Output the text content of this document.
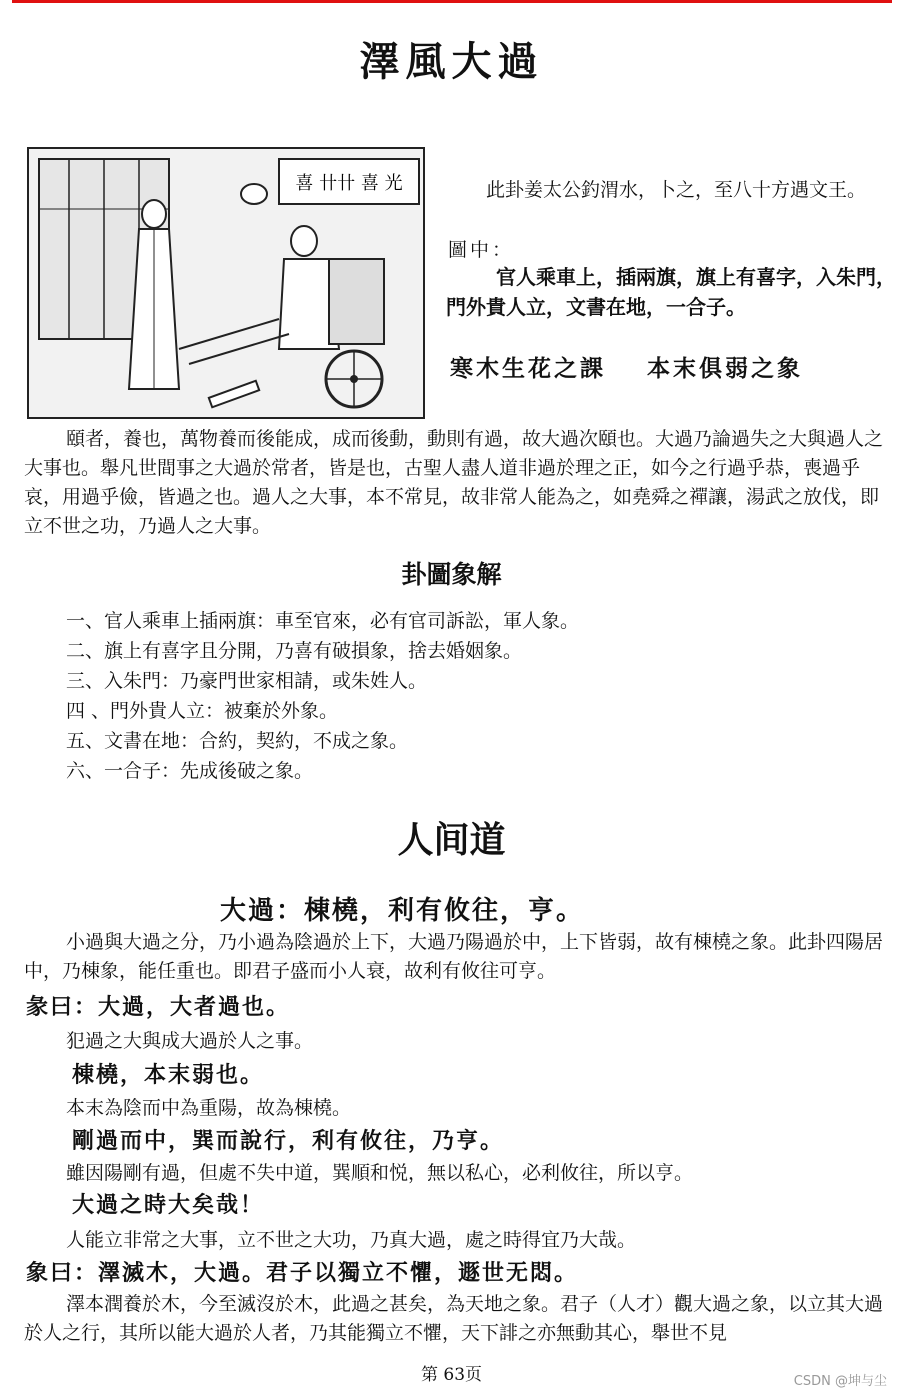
澤風大過
喜 卄卄 喜 光	此卦姜太公釣渭水，卜之，至八十方遇文王。
圖中：
官人乘車上，插兩旗，旗上有喜字，入朱門，門外貴人立，文書在地，一合子。
寒木生花之課 本末俱弱之象

頤者，養也，萬物養而後能成，成而後動，動則有過，故大過次頤也。大過乃論過失之大與過人之大事也。舉凡世間事之大過於常者，皆是也，古聖人盡人道非過於理之正，如今之行過乎恭，喪過乎哀，用過乎儉，皆過之也。過人之大事，本不常見，故非常人能為之，如堯舜之禪讓，湯武之放伐，即立不世之功，乃過人之大事。

卦圖象解
一、官人乘車上插兩旗：車至官來，必有官司訴訟，軍人象。
二、旗上有喜字且分開，乃喜有破損象，捨去婚姻象。
三、入朱門：乃豪門世家相請，或朱姓人。
四 、門外貴人立：被棄於外象。
五、文書在地：合約，契約，不成之象。
六、一合子：先成後破之象。
人间道
大過：棟橈，利有攸往，亨。

小過與大過之分，乃小過為陰過於上下，大過乃陽過於中，上下皆弱，故有棟橈之象。此卦四陽居中，乃棟象，能任重也。即君子盛而小人衰，故利有攸往可亨。

彖曰：大過，大者過也。
犯過之大與成大過於人之事。
棟橈，本末弱也。
本末為陰而中為重陽，故為棟橈。
剛過而中，巽而說行，利有攸往，乃亨。
雖因陽剛有過，但處不失中道，巽順和悦，無以私心，必利攸往，所以亨。
大過之時大矣哉！
人能立非常之大事，立不世之大功，乃真大過，處之時得宜乃大哉。
象曰：澤滅木，大過。君子以獨立不懼，遯世无悶。

澤本潤養於木，今至滅沒於木，此過之甚矣，為天地之象。君子（人才）觀大過之象，以立其大過於人之行，其所以能大過於人者，乃其能獨立不懼，天下誹之亦無動其心，舉世不見

第 63页	CSDN @坤与尘
